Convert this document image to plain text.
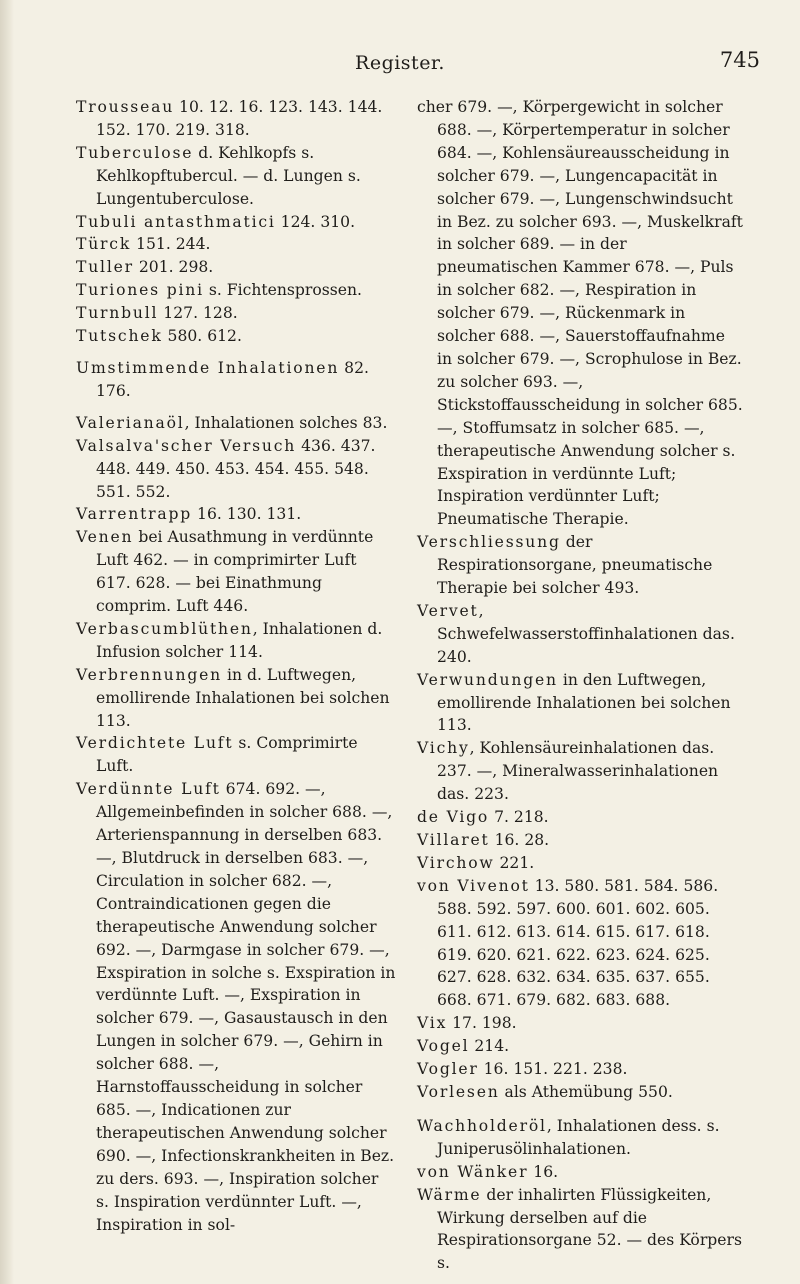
Register.	745

Trousseau 10. 12. 16. 123. 143. 144. 152. 170. 219. 318.

Tuberculose d. Kehlkopfs s. Kehlkopftubercul. — d. Lungen s. Lungentuberculose.

Tubuli antasthmatici 124. 310.

Türck 151. 244.

Tuller 201. 298.

Turiones pini s. Fichtensprossen.

Turnbull 127. 128.

Tutschek 580. 612.

Umstimmende Inhalationen 82. 176.

Valerianaöl, Inhalationen solches 83.

Valsalva'scher Versuch 436. 437. 448. 449. 450. 453. 454. 455. 548. 551. 552.

Varrentrapp 16. 130. 131.

Venen bei Ausathmung in verdünnte Luft 462. — in comprimirter Luft 617. 628. — bei Einathmung comprim. Luft 446.

Verbascumblüthen, Inhalationen d. Infusion solcher 114.

Verbrennungen in d. Luftwegen, emollirende Inhalationen bei solchen 113.

Verdichtete Luft s. Comprimirte Luft.

Verdünnte Luft 674. 692. —, Allgemeinbefinden in solcher 688. —, Arterienspannung in derselben 683. —, Blutdruck in derselben 683. —, Circulation in solcher 682. —, Contraindicationen gegen die therapeutische Anwendung solcher 692. —, Darmgase in solcher 679. —, Exspiration in solche s. Exspiration in verdünnte Luft. —, Exspiration in solcher 679. —, Gasaustausch in den Lungen in solcher 679. —, Gehirn in solcher 688. —, Harnstoffausscheidung in solcher 685. —, Indicationen zur therapeutischen Anwendung solcher 690. —, Infectionskrankheiten in Bez. zu ders. 693. —, Inspiration solcher s. Inspiration verdünnter Luft. —, Inspiration in sol-

cher 679. —, Körpergewicht in solcher 688. —, Körpertemperatur in solcher 684. —, Kohlensäureausscheidung in solcher 679. —, Lungencapacität in solcher 679. —, Lungenschwindsucht in Bez. zu solcher 693. —, Muskelkraft in solcher 689. — in der pneumatischen Kammer 678. —, Puls in solcher 682. —, Respiration in solcher 679. —, Rückenmark in solcher 688. —, Sauerstoffaufnahme in solcher 679. —, Scrophulose in Bez. zu solcher 693. —, Stickstoffausscheidung in solcher 685. —, Stoffumsatz in solcher 685. —, therapeutische Anwendung solcher s. Exspiration in verdünnte Luft; Inspiration verdünnter Luft; Pneumatische Therapie.

Verschliessung der Respirationsorgane, pneumatische Therapie bei solcher 493.

Vervet, Schwefelwasserstoffinhalationen das. 240.

Verwundungen in den Luftwegen, emollirende Inhalationen bei solchen 113.

Vichy, Kohlensäureinhalationen das. 237. —, Mineralwasserinhalationen das. 223.

de Vigo 7. 218.

Villaret 16. 28.

Virchow 221.

von Vivenot 13. 580. 581. 584. 586. 588. 592. 597. 600. 601. 602. 605. 611. 612. 613. 614. 615. 617. 618. 619. 620. 621. 622. 623. 624. 625. 627. 628. 632. 634. 635. 637. 655. 668. 671. 679. 682. 683. 688.

Vix 17. 198.

Vogel 214.

Vogler 16. 151. 221. 238.

Vorlesen als Athemübung 550.

Wachholderöl, Inhalationen dess. s. Juniperusölinhalationen.

von Wänker 16.

Wärme der inhalirten Flüssigkeiten, Wirkung derselben auf die Respirationsorgane 52. — des Körpers s.
